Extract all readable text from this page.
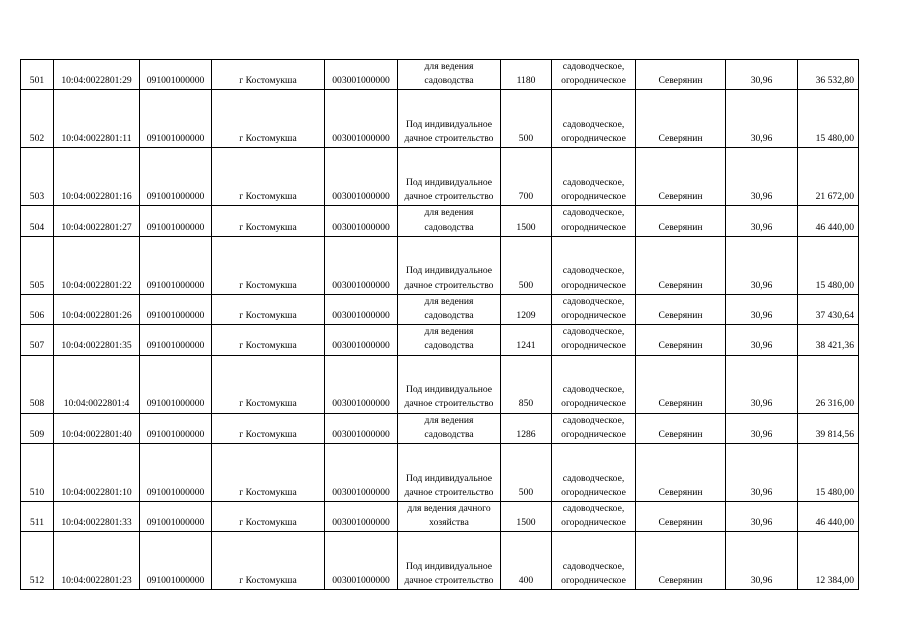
501	10:04:0022801:29	091001000000	г Костомукша	003001000000	для ведения садоводства	1180	садоводческое, огородническое	Северянин	30,96	36 532,80
502	10:04:0022801:11	091001000000	г Костомукша	003001000000	Под индивидуальное дачное строительство	500	садоводческое, огородническое	Северянин	30,96	15 480,00
503	10:04:0022801:16	091001000000	г Костомукша	003001000000	Под индивидуальное дачное строительство	700	садоводческое, огородническое	Северянин	30,96	21 672,00
504	10:04:0022801:27	091001000000	г Костомукша	003001000000	для ведения садоводства	1500	садоводческое, огородническое	Северянин	30,96	46 440,00
505	10:04:0022801:22	091001000000	г Костомукша	003001000000	Под индивидуальное дачное строительство	500	садоводческое, огородническое	Северянин	30,96	15 480,00
506	10:04:0022801:26	091001000000	г Костомукша	003001000000	для ведения садоводства	1209	садоводческое, огородническое	Северянин	30,96	37 430,64
507	10:04:0022801:35	091001000000	г Костомукша	003001000000	для ведения садоводства	1241	садоводческое, огородническое	Северянин	30,96	38 421,36
508	10:04:0022801:4	091001000000	г Костомукша	003001000000	Под индивидуальное дачное строительство	850	садоводческое, огородническое	Северянин	30,96	26 316,00
509	10:04:0022801:40	091001000000	г Костомукша	003001000000	для ведения садоводства	1286	садоводческое, огородническое	Северянин	30,96	39 814,56
510	10:04:0022801:10	091001000000	г Костомукша	003001000000	Под индивидуальное дачное строительство	500	садоводческое, огородническое	Северянин	30,96	15 480,00
511	10:04:0022801:33	091001000000	г Костомукша	003001000000	для ведения дачного хозяйства	1500	садоводческое, огородническое	Северянин	30,96	46 440,00
512	10:04:0022801:23	091001000000	г Костомукша	003001000000	Под индивидуальное дачное строительство	400	садоводческое, огородническое	Северянин	30,96	12 384,00
